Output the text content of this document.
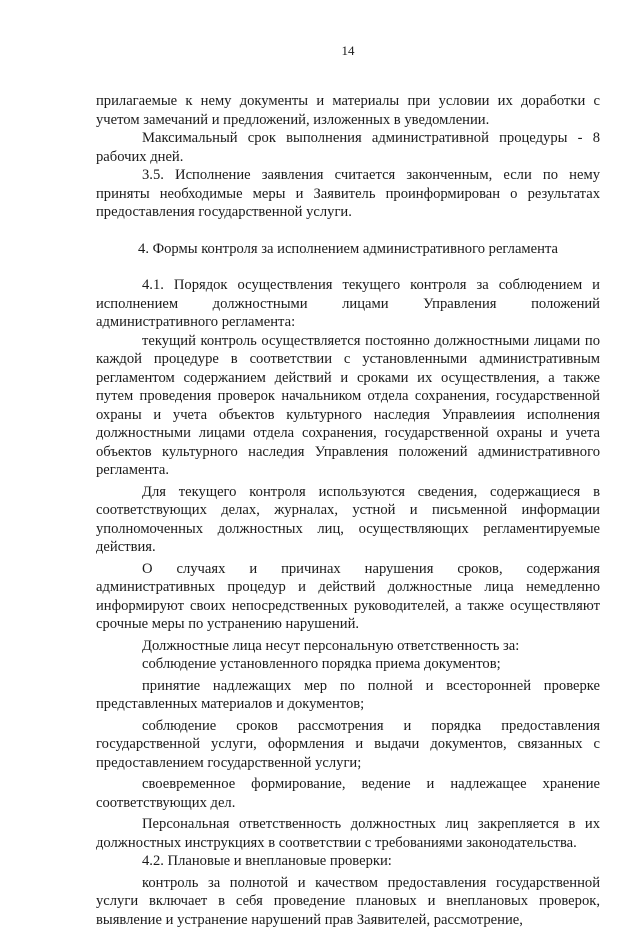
14

прилагаемые к нему документы и материалы при условии их доработки с учетом замечаний и предложений, изложенных в уведомлении.

Максимальный срок выполнения административной процедуры - 8 рабочих дней.

3.5. Исполнение заявления считается законченным, если по нему приняты необходимые меры и Заявитель проинформирован о результатах предоставления государственной услуги.

4. Формы контроля за исполнением административного регламента

4.1. Порядок осуществления текущего контроля за соблюдением и исполнением должностными лицами Управления положений административного регламента:

текущий контроль осуществляется постоянно должностными лицами по каждой процедуре в соответствии с установленными административным регламентом содержанием действий и сроками их осуществления, а также путем проведения проверок начальником отдела сохранения, государственной охраны и учета объектов культурного наследия Управлеиия исполнения должностными лицами отдела сохранения, государственной охраны и учета объектов культурного наследия Управления положений административного регламента.

Для текущего контроля используются сведения, содержащиеся в соответствующих делах, журналах, устной и письменной информации уполномоченных должностных лиц, осуществляющих регламентируемые действия.

О случаях и причинах нарушения сроков, содержания административных процедур и действий должностные лица немедленно информируют своих непосредственных руководителей, а также осуществляют срочные меры по устранению нарушений.

Должностные лица несут персональную ответственность за:

соблюдение установленного порядка приема документов;

принятие надлежащих мер по полной и всесторонней проверке представленных материалов и документов;

соблюдение сроков рассмотрения и порядка предоставления государственной услуги, оформления и выдачи документов, связанных с предоставлением государственной услуги;

своевременное формирование, ведение и надлежащее хранение соответствующих дел.

Персональная ответственность должностных лиц закрепляется в их должностных инструкциях в соответствии с требованиями законодательства.

4.2. Плановые и внеплановые проверки:

контроль за полнотой и качеством предоставления государственной услуги включает в себя проведение плановых и внеплановых проверок, выявление и устранение нарушений прав Заявителей, рассмотрение,
